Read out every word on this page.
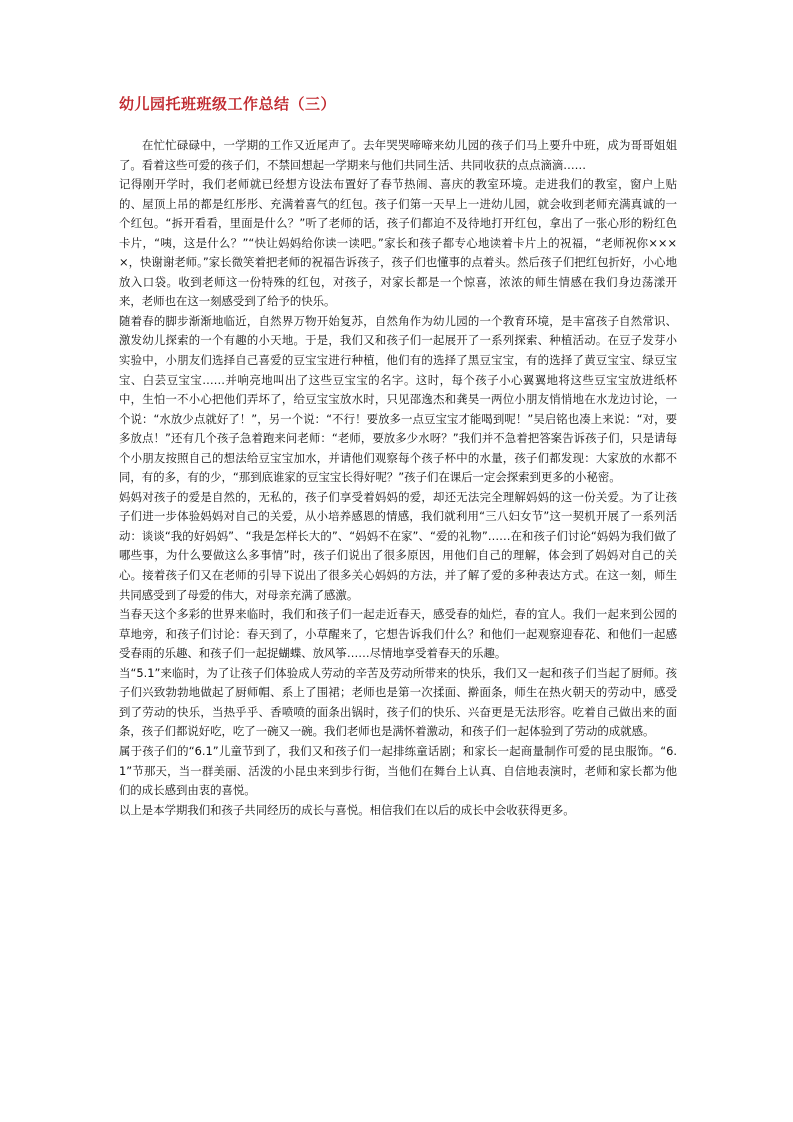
幼儿园托班班级工作总结（三）

在忙忙碌碌中，一学期的工作又近尾声了。去年哭哭啼啼来幼儿园的孩子们马上要升中班，成为哥哥姐姐了。看着这些可爱的孩子们，不禁回想起一学期来与他们共同生活、共同收获的点点滴滴……

记得刚开学时，我们老师就已经想方设法布置好了春节热闹、喜庆的教室环境。走进我们的教室，窗户上贴的、屋顶上吊的都是红彤彤、充满着喜气的红包。孩子们第一天早上一进幼儿园，就会收到老师充满真诚的一个红包。“拆开看看，里面是什么？”听了老师的话，孩子们都迫不及待地打开红包，拿出了一张心形的粉红色卡片，“咦，这是什么？”“快让妈妈给你读一读吧。”家长和孩子都专心地读着卡片上的祝福，“老师祝你××××，快谢谢老师。”家长微笑着把老师的祝福告诉孩子，孩子们也懂事的点着头。然后孩子们把红包折好，小心地放入口袋。收到老师这一份特殊的红包，对孩子，对家长都是一个惊喜，浓浓的师生情感在我们身边荡漾开来，老师也在这一刻感受到了给予的快乐。

随着春的脚步渐渐地临近，自然界万物开始复苏，自然角作为幼儿园的一个教育环境，是丰富孩子自然常识、激发幼儿探索的一个有趣的小天地。于是，我们又和孩子们一起展开了一系列探索、种植活动。在豆子发芽小实验中，小朋友们选择自己喜爱的豆宝宝进行种植，他们有的选择了黑豆宝宝，有的选择了黄豆宝宝、绿豆宝宝、白芸豆宝宝……并响亮地叫出了这些豆宝宝的名字。这时，每个孩子小心翼翼地将这些豆宝宝放进纸杯中，生怕一不小心把他们弄坏了，给豆宝宝放水时，只见邵逸杰和龚昊一两位小朋友悄悄地在水龙边讨论，一个说：“水放少点就好了！”，另一个说：“不行！要放多一点豆宝宝才能喝到呢！”吴启铭也凑上来说：“对，要多放点！”还有几个孩子急着跑来问老师：“老师，要放多少水呀？”我们并不急着把答案告诉孩子们，只是请每个小朋友按照自己的想法给豆宝宝加水，并请他们观察每个孩子杯中的水量，孩子们都发现：大家放的水都不同，有的多，有的少，“那到底谁家的豆宝宝长得好呢？”孩子们在课后一定会探索到更多的小秘密。

妈妈对孩子的爱是自然的，无私的，孩子们享受着妈妈的爱，却还无法完全理解妈妈的这一份关爱。为了让孩子们进一步体验妈妈对自己的关爱，从小培养感恩的情感，我们就利用“三八妇女节”这一契机开展了一系列活动：谈谈“我的好妈妈”、“我是怎样长大的”、“妈妈不在家”、“爱的礼物”……在和孩子们讨论“妈妈为我们做了哪些事，为什么要做这么多事情”时，孩子们说出了很多原因，用他们自己的理解，体会到了妈妈对自己的关心。接着孩子们又在老师的引导下说出了很多关心妈妈的方法，并了解了爱的多种表达方式。在这一刻，师生共同感受到了母爱的伟大，对母亲充满了感激。

当春天这个多彩的世界来临时，我们和孩子们一起走近春天，感受春的灿烂，春的宜人。我们一起来到公园的草地旁，和孩子们讨论：春天到了，小草醒来了，它想告诉我们什么？和他们一起观察迎春花、和他们一起感受春雨的乐趣、和孩子们一起捉蝴蝶、放风筝……尽情地享受着春天的乐趣。

当“5.1”来临时，为了让孩子们体验成人劳动的辛苦及劳动所带来的快乐，我们又一起和孩子们当起了厨师。孩子们兴致勃勃地做起了厨师帽、系上了围裙；老师也是第一次揉面、擀面条，师生在热火朝天的劳动中，感受到了劳动的快乐，当热乎乎、香喷喷的面条出锅时，孩子们的快乐、兴奋更是无法形容。吃着自己做出来的面条，孩子们都说好吃，吃了一碗又一碗。我们老师也是满怀着激动，和孩子们一起体验到了劳动的成就感。

属于孩子们的“6.1”儿童节到了，我们又和孩子们一起排练童话剧；和家长一起商量制作可爱的昆虫服饰。“6.1”节那天，当一群美丽、活泼的小昆虫来到步行街，当他们在舞台上认真、自信地表演时，老师和家长都为他们的成长感到由衷的喜悦。

以上是本学期我们和孩子共同经历的成长与喜悦。相信我们在以后的成长中会收获得更多。
